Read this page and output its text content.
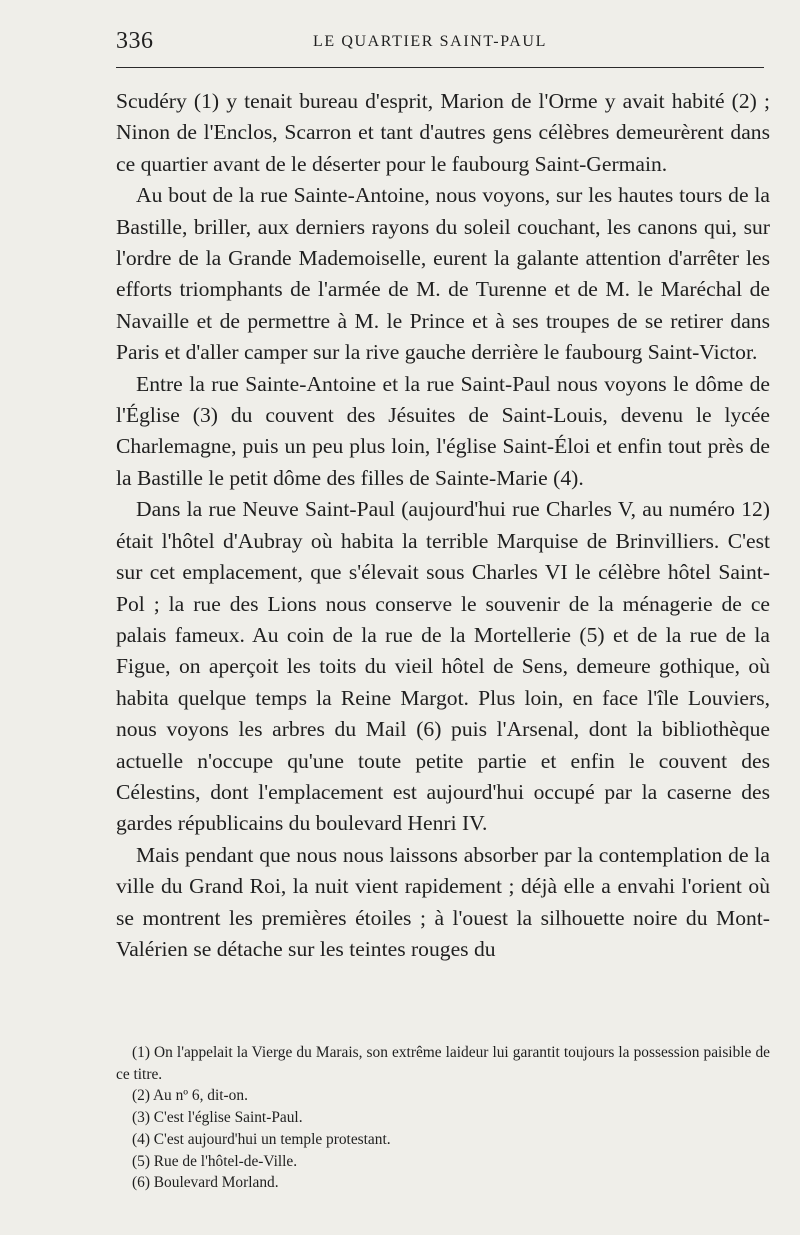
336	LE QUARTIER SAINT-PAUL

Scudéry (1) y tenait bureau d'esprit, Marion de l'Orme y avait habité (2) ; Ninon de l'Enclos, Scarron et tant d'autres gens célèbres demeurèrent dans ce quartier avant de le déserter pour le faubourg Saint-Germain.

Au bout de la rue Sainte-Antoine, nous voyons, sur les hautes tours de la Bastille, briller, aux derniers rayons du soleil couchant, les canons qui, sur l'ordre de la Grande Mademoiselle, eurent la galante attention d'arrêter les efforts triomphants de l'armée de M. de Turenne et de M. le Maréchal de Navaille et de permettre à M. le Prince et à ses troupes de se retirer dans Paris et d'aller camper sur la rive gauche derrière le faubourg Saint-Victor.

Entre la rue Sainte-Antoine et la rue Saint-Paul nous voyons le dôme de l'Église (3) du couvent des Jésuites de Saint-Louis, devenu le lycée Charlemagne, puis un peu plus loin, l'église Saint-Éloi et enfin tout près de la Bastille le petit dôme des filles de Sainte-Marie (4).

Dans la rue Neuve Saint-Paul (aujourd'hui rue Charles V, au numéro 12) était l'hôtel d'Aubray où habita la terrible Marquise de Brinvilliers. C'est sur cet emplacement, que s'élevait sous Charles VI le célèbre hôtel Saint-Pol ; la rue des Lions nous conserve le souvenir de la ménagerie de ce palais fameux. Au coin de la rue de la Mortellerie (5) et de la rue de la Figue, on aperçoit les toits du vieil hôtel de Sens, demeure gothique, où habita quelque temps la Reine Margot. Plus loin, en face l'île Louviers, nous voyons les arbres du Mail (6) puis l'Arsenal, dont la bibliothèque actuelle n'occupe qu'une toute petite partie et enfin le couvent des Célestins, dont l'emplacement est aujourd'hui occupé par la caserne des gardes républicains du boulevard Henri IV.

Mais pendant que nous nous laissons absorber par la contemplation de la ville du Grand Roi, la nuit vient rapidement ; déjà elle a envahi l'orient où se montrent les premières étoiles ; à l'ouest la silhouette noire du Mont-Valérien se détache sur les teintes rouges du

(1) On l'appelait la Vierge du Marais, son extrême laideur lui garantit toujours la possession paisible de ce titre.

(2) Au nº 6, dit-on.

(3) C'est l'église Saint-Paul.

(4) C'est aujourd'hui un temple protestant.

(5) Rue de l'hôtel-de-Ville.

(6) Boulevard Morland.
